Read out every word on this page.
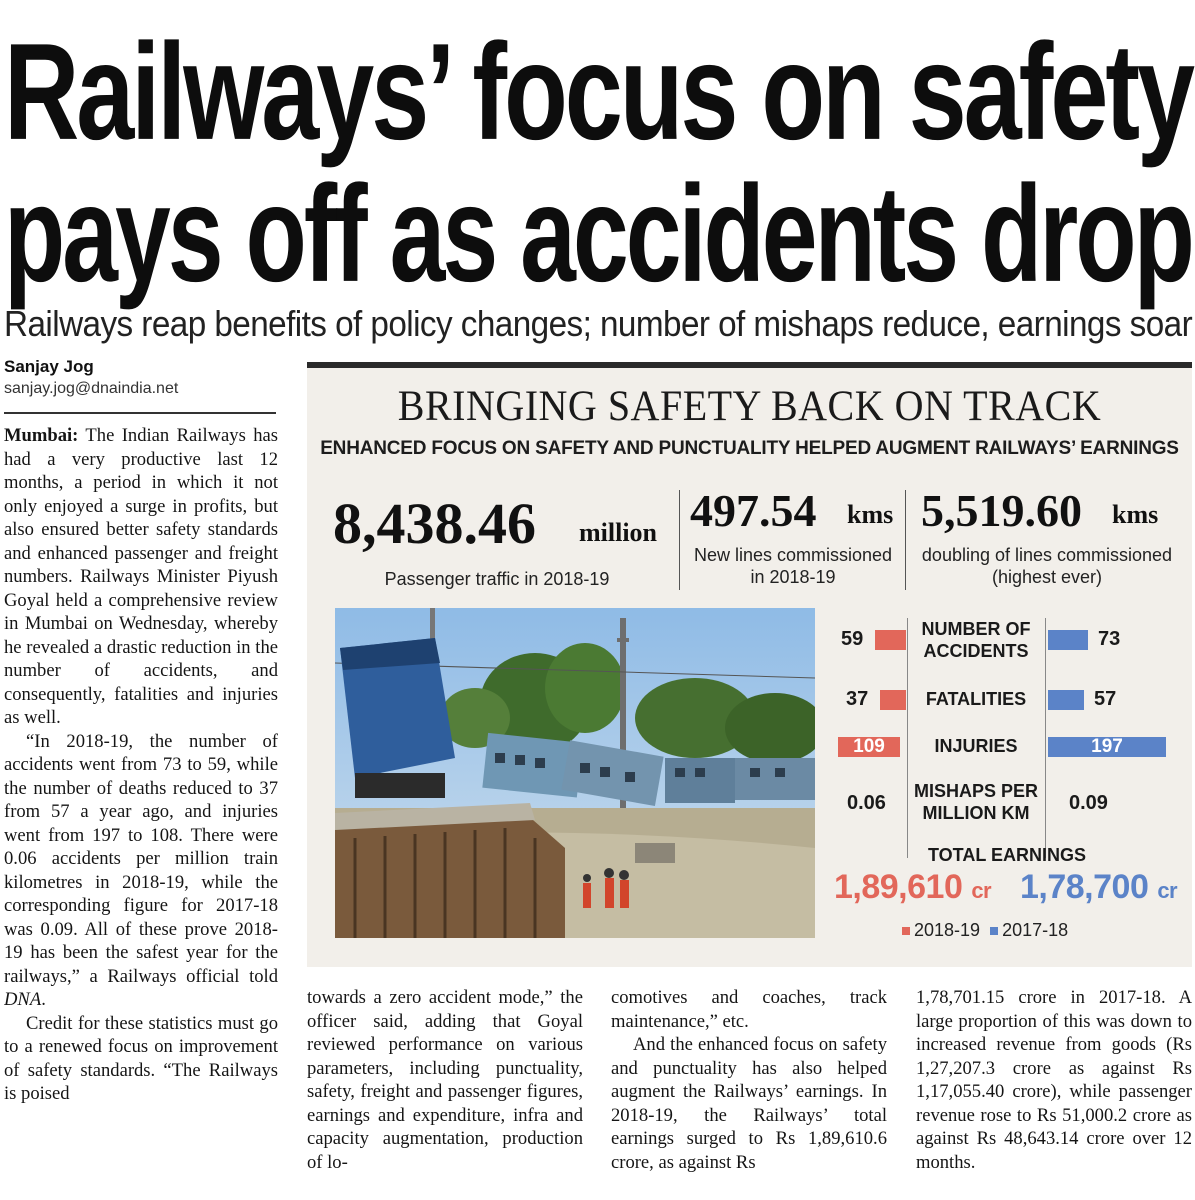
Railways’ focus on safety
pays off as accidents drop
Railways reap benefits of policy changes; number of mishaps reduce, earnings soar
Sanjay Jog
sanjay.jog@dnaindia.net

Mumbai: The Indian Railways has had a very productive last 12 months, a period in which it not only enjoyed a surge in profits, but also ensured better safety standards and enhanced passenger and freight numbers. Railways Minister Piyush Goyal held a comprehensive review in Mumbai on Wednesday, whereby he revealed a drastic reduction in the number of accidents, and consequently, fatalities and injuries as well.

“In 2018-19, the number of accidents went from 73 to 59, while the number of deaths reduced to 37 from 57 a year ago, and injuries went from 197 to 108. There were 0.06 accidents per million train kilometres in 2018-19, while the corresponding figure for 2017-18 was 0.09. All of these prove 2018-19 has been the safest year for the railways,” a Railways official told DNA.

Credit for these statistics must go to a renewed focus on improvement of safety standards. “The Railways is poised

towards a zero accident mode,” the officer said, adding that Goyal reviewed performance on various parameters, including punctuality, safety, freight and passenger figures, earnings and expenditure, infra and capacity augmentation, production of lo-

comotives and coaches, track maintenance,” etc.

And the enhanced focus on safety and punctuality has also helped augment the Railways’ earnings. In 2018-19, the Railways’ total earnings surged to Rs 1,89,610.6 crore, as against Rs

1,78,701.15 crore in 2017-18. A large proportion of this was down to increased revenue from goods (Rs 1,27,207.3 crore as against Rs 1,17,055.40 crore), while passenger revenue rose to Rs 51,000.2 crore as against Rs 48,643.14 crore over 12 months.

BRINGING SAFETY BACK ON TRACK
ENHANCED FOCUS ON SAFETY AND PUNCTUALITY HELPED AUGMENT RAILWAYS’ EARNINGS
8,438.46 million
Passenger traffic in 2018-19
497.54 kms
New lines commissioned
in 2018-19
5,519.60 kms
doubling of lines commissioned
(highest ever)
NUMBER OF
ACCIDENTS
59	73
FATALITIES
37	57
INJURIES
109	197
MISHAPS PER
MILLION KM
0.06	0.09
TOTAL EARNINGS
1,89,610 cr 1,78,700 cr
2018-19 2017-18
